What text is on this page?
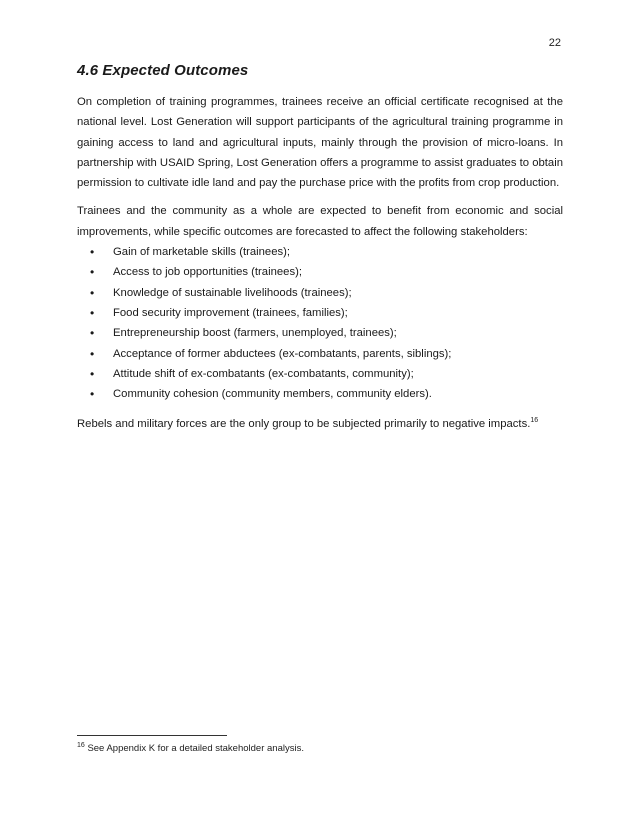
22
4.6 Expected Outcomes

On completion of training programmes, trainees receive an official certificate recognised at the national level. Lost Generation will support participants of the agricultural training programme in gaining access to land and agricultural inputs, mainly through the provision of micro-loans. In partnership with USAID Spring, Lost Generation offers a programme to assist graduates to obtain permission to cultivate idle land and pay the purchase price with the profits from crop production.

Trainees and the community as a whole are expected to benefit from economic and social improvements, while specific outcomes are forecasted to affect the following stakeholders:

• Gain of marketable skills (trainees);
• Access to job opportunities (trainees);
• Knowledge of sustainable livelihoods (trainees);
• Food security improvement (trainees, families);
• Entrepreneurship boost (farmers, unemployed, trainees);
• Acceptance of former abductees (ex-combatants, parents, siblings);
• Attitude shift of ex-combatants (ex-combatants, community);
• Community cohesion (community members, community elders).

Rebels and military forces are the only group to be subjected primarily to negative impacts.$^{16}$

$^{16}$ See Appendix K for a detailed stakeholder analysis.
